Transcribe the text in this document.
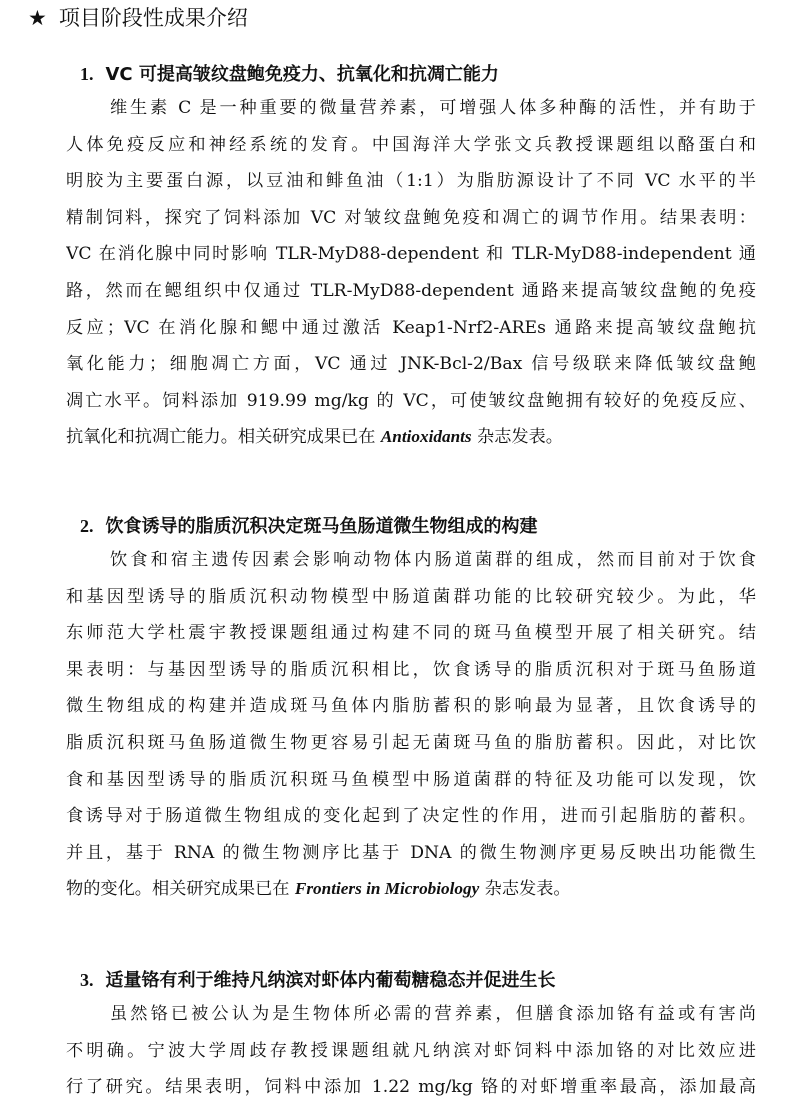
★ 项目阶段性成果介绍
1. VC 可提高皱纹盘鲍免疫力、抗氧化和抗凋亡能力
维生素 C 是一种重要的微量营养素，可增强人体多种酶的活性，并有助于
人体免疫反应和神经系统的发育。中国海洋大学张文兵教授课题组以酪蛋白和
明胶为主要蛋白源，以豆油和鲱鱼油（1:1）为脂肪源设计了不同 VC 水平的半
精制饲料，探究了饲料添加 VC 对皱纹盘鲍免疫和凋亡的调节作用。结果表明：
VC 在消化腺中同时影响 TLR-MyD88-dependent 和 TLR-MyD88-independent 通
路，然而在鳃组织中仅通过 TLR-MyD88-dependent 通路来提高皱纹盘鲍的免疫
反应；VC 在消化腺和鳃中通过激活 Keap1-Nrf2-AREs 通路来提高皱纹盘鲍抗
氧化能力；细胞凋亡方面，VC 通过 JNK-Bcl-2/Bax 信号级联来降低皱纹盘鲍
凋亡水平。饲料添加 919.99 mg/kg 的 VC，可使皱纹盘鲍拥有较好的免疫反应、
抗氧化和抗凋亡能力。相关研究成果已在 Antioxidants 杂志发表。
2. 饮食诱导的脂质沉积决定斑马鱼肠道微生物组成的构建
饮食和宿主遗传因素会影响动物体内肠道菌群的组成，然而目前对于饮食
和基因型诱导的脂质沉积动物模型中肠道菌群功能的比较研究较少。为此，华
东师范大学杜震宇教授课题组通过构建不同的斑马鱼模型开展了相关研究。结
果表明：与基因型诱导的脂质沉积相比，饮食诱导的脂质沉积对于斑马鱼肠道
微生物组成的构建并造成斑马鱼体内脂肪蓄积的影响最为显著，且饮食诱导的
脂质沉积斑马鱼肠道微生物更容易引起无菌斑马鱼的脂肪蓄积。因此，对比饮
食和基因型诱导的脂质沉积斑马鱼模型中肠道菌群的特征及功能可以发现，饮
食诱导对于肠道微生物组成的变化起到了决定性的作用，进而引起脂肪的蓄积。
并且，基于 RNA 的微生物测序比基于 DNA 的微生物测序更易反映出功能微生
物的变化。相关研究成果已在 Frontiers in Microbiology 杂志发表。
3. 适量铬有利于维持凡纳滨对虾体内葡萄糖稳态并促进生长
虽然铬已被公认为是生物体所必需的营养素，但膳食添加铬有益或有害尚
不明确。宁波大学周歧存教授课题组就凡纳滨对虾饲料中添加铬的对比效应进
行了研究。结果表明，饲料中添加 1.22 mg/kg 铬的对虾增重率最高，添加最高
